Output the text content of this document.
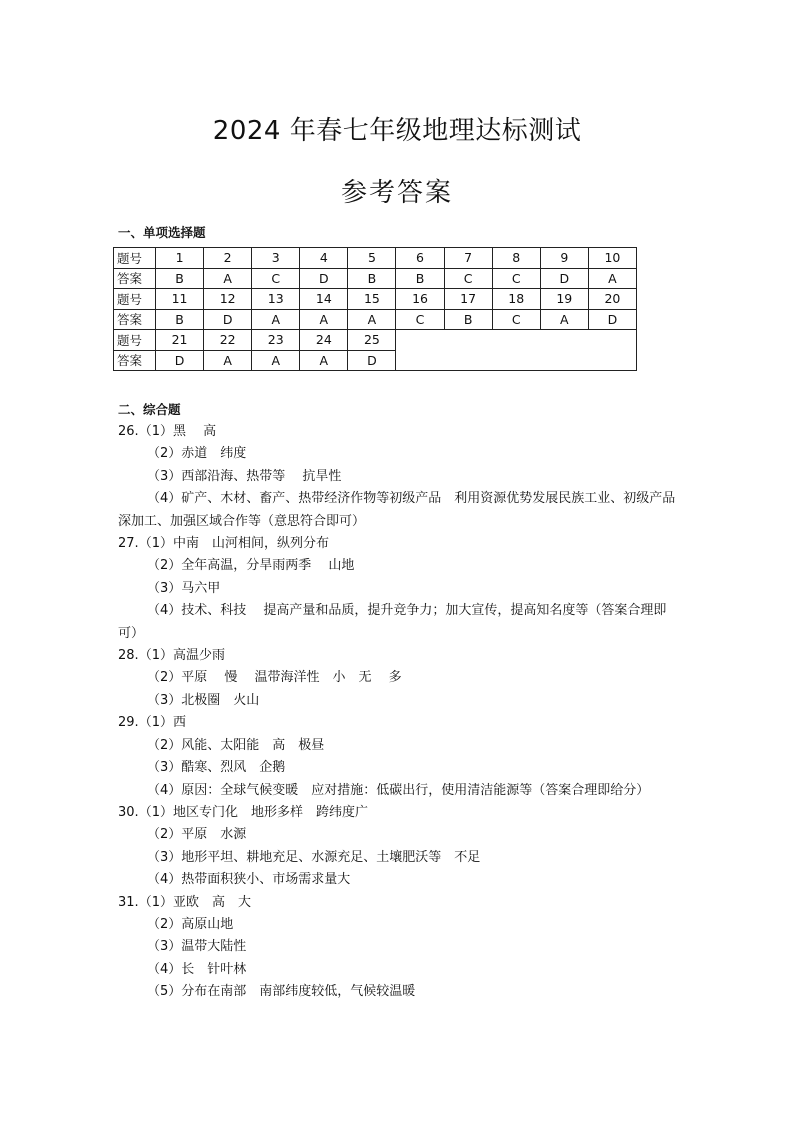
2024 年春七年级地理达标测试
参考答案
一、单项选择题
题号	1	2	3	4	5	6	7	8	9	10
答案	B	A	C	D	B	B	C	C	D	A
题号	11	12	13	14	15	16	17	18	19	20
答案	B	D	A	A	A	C	B	C	A	D
题号	21	22	23	24	25					
答案	D	A	A	A	D					
二、综合题
26.（1）黑　 高
（2）赤道　纬度
（3）西部沿海、热带等　 抗旱性
（4）矿产、木材、畜产、热带经济作物等初级产品　利用资源优势发展民族工业、初级产品深加工、加强区域合作等（意思符合即可）
27.（1）中南　山河相间，纵列分布
（2）全年高温，分旱雨两季　 山地
（3）马六甲
（4）技术、科技　 提高产量和品质，提升竞争力；加大宣传，提高知名度等（答案合理即可）
28.（1）高温少雨
（2）平原　 慢　 温带海洋性　小　无　 多
（3）北极圈　火山
29.（1）西
（2）风能、太阳能　高　极昼
（3）酷寒、烈风　企鹅
（4）原因：全球气候变暖　应对措施：低碳出行，使用清洁能源等（答案合理即给分）
30.（1）地区专门化　地形多样　跨纬度广
（2）平原　水源
（3）地形平坦、耕地充足、水源充足、土壤肥沃等　不足
（4）热带面积狭小、市场需求量大
31.（1）亚欧　高　大
（2）高原山地
（3）温带大陆性
（4）长　针叶林
（5）分布在南部　南部纬度较低，气候较温暖
